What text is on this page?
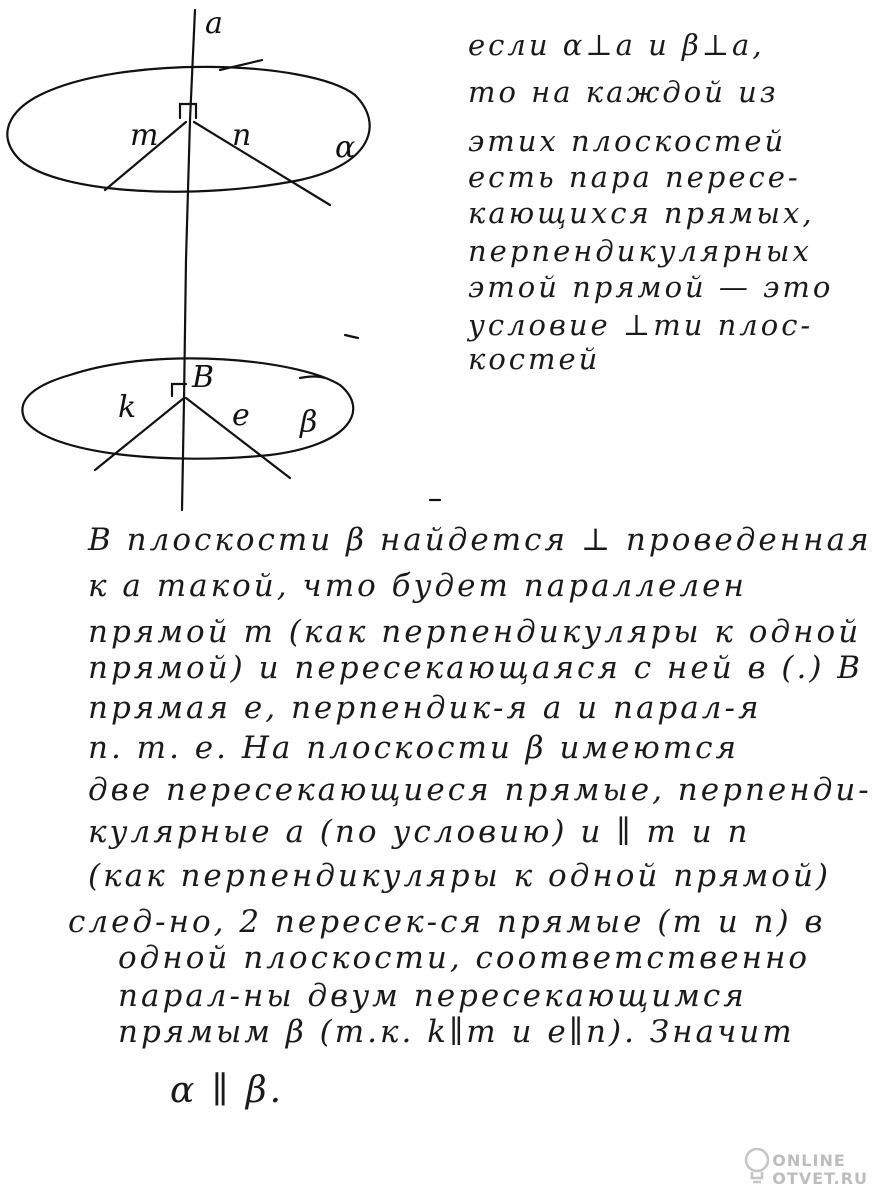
a
m n	α
B
k	e β
если α⊥a и β⊥a,
то на каждой из
этих плоскостей
есть пара пересе-
кающихся прямых,
перпендикулярных
этой прямой — это
условие ⊥ти плос-
костей
В плоскости β найдется ⊥ проведенная
к a такой, что будет параллелен
прямой m (как перпендикуляры к одной
прямой) и пересекающаяся с ней в (.) B
прямая e, перпендик-я a и парал-я
n. т. е. На плоскости β имеются
две пересекающиеся прямые, перпенди-
кулярные a (по условию) и ∥ m и n
(как перпендикуляры к одной прямой)
след-но, 2 пересек-ся прямые (m и n) в
одной плоскости, соответственно
парал-ны двум пересекающимся
прямым β (т.к. k∥m и e∥n). Значит
α ∥ β.
ONLINE
OTVET.RU
